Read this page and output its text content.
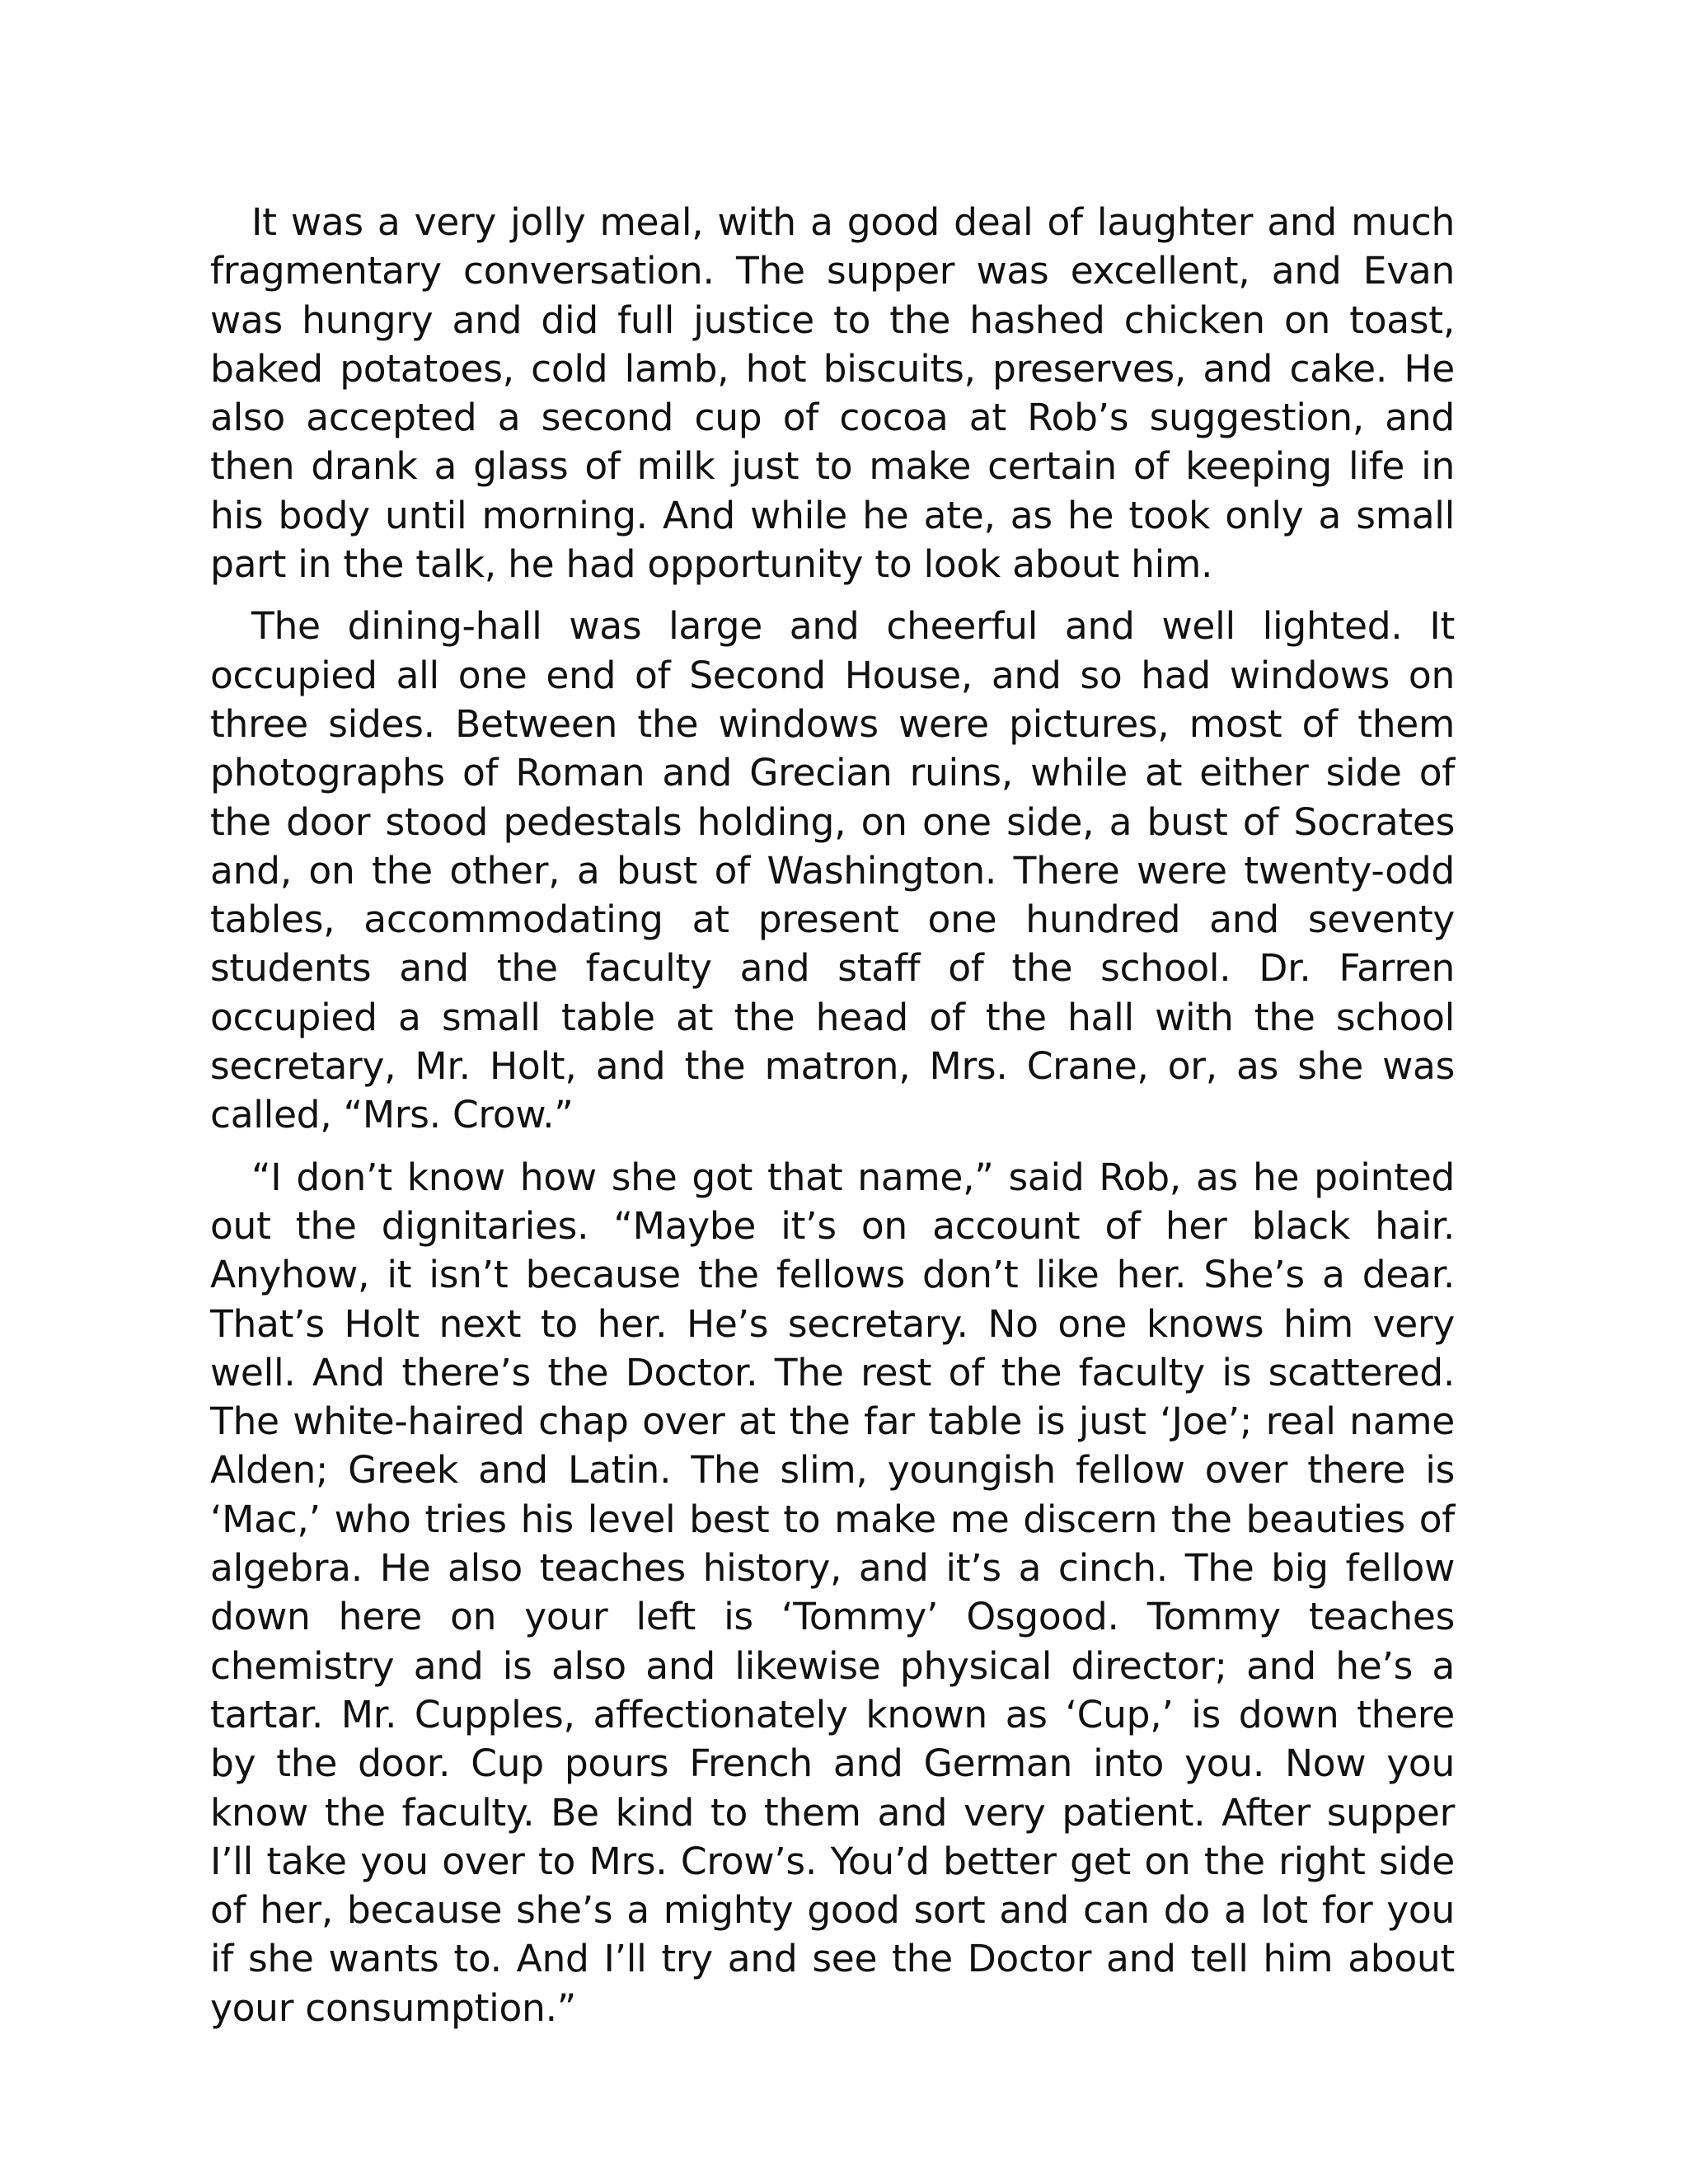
It was a very jolly meal, with a good deal of laughter and much fragmentary conversation. The supper was excellent, and Evan was hungry and did full justice to the hashed chicken on toast, baked potatoes, cold lamb, hot biscuits, preserves, and cake. He also accepted a second cup of cocoa at Rob’s suggestion, and then drank a glass of milk just to make certain of keeping life in his body until morning. And while he ate, as he took only a small part in the talk, he had opportunity to look about him.

The dining-hall was large and cheerful and well lighted. It occupied all one end of Second House, and so had windows on three sides. Between the windows were pictures, most of them photographs of Roman and Grecian ruins, while at either side of the door stood pedestals holding, on one side, a bust of Socrates and, on the other, a bust of Washington. There were twenty-odd tables, accommodating at present one hundred and seventy students and the faculty and staff of the school. Dr. Farren occupied a small table at the head of the hall with the school secretary, Mr. Holt, and the matron, Mrs. Crane, or, as she was called, “Mrs. Crow.”

“I don’t know how she got that name,” said Rob, as he pointed out the dignitaries. “Maybe it’s on account of her black hair. Anyhow, it isn’t because the fellows don’t like her. She’s a dear. That’s Holt next to her. He’s secretary. No one knows him very well. And there’s the Doctor. The rest of the faculty is scattered. The white-haired chap over at the far table is just ‘Joe’; real name Alden; Greek and Latin. The slim, youngish fellow over there is ‘Mac,’ who tries his level best to make me discern the beauties of algebra. He also teaches history, and it’s a cinch. The big fellow down here on your left is ‘Tommy’ Osgood. Tommy teaches chemistry and is also and likewise physical director; and he’s a tartar. Mr. Cupples, affectionately known as ‘Cup,’ is down there by the door. Cup pours French and German into you. Now you know the faculty. Be kind to them and very patient. After supper I’ll take you over to Mrs. Crow’s. You’d better get on the right side of her, because she’s a mighty good sort and can do a lot for you if she wants to. And I’ll try and see the Doctor and tell him about your consumption.”
